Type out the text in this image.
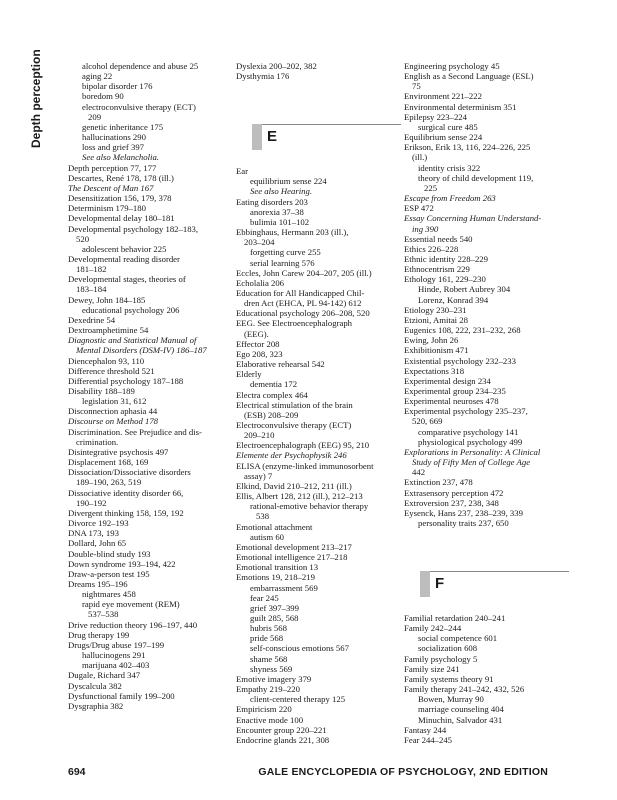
Depth perception	alcohol dependence and abuse 25
aging 22
bipolar disorder 176
boredom 90
electroconvulsive therapy (ECT)
209
genetic inheritance 175
hallucinations 290
loss and grief 397
See also Melancholia.
Depth perception 77, 177
Descartes, René 178, 178 (ill.)
The Descent of Man 167
Desensitization 156, 179, 378
Determinism 179–180
Developmental delay 180–181
Developmental psychology 182–183,
520
adolescent behavior 225
Developmental reading disorder
181–182
Developmental stages, theories of
183–184
Dewey, John 184–185
educational psychology 206
Dexedrine 54
Dextroamphetimine 54
Diagnostic and Statistical Manual of
Mental Disorders (DSM-IV) 186–187
Diencephalon 93, 110
Difference threshold 521
Differential psychology 187–188
Disability 188–189
legislation 31, 612
Disconnection aphasia 44
Discourse on Method 178
Discrimination. See Prejudice and dis-
crimination.
Disintegrative psychosis 497
Displacement 168, 169
Dissociation/Dissociative disorders
189–190, 263, 519
Dissociative identity disorder 66,
190–192
Divergent thinking 158, 159, 192
Divorce 192–193
DNA 173, 193
Dollard, John 65
Double-blind study 193
Down syndrome 193–194, 422
Draw-a-person test 195
Dreams 195–196
nightmares 458
rapid eye movement (REM)
537–538
Drive reduction theory 196–197, 440
Drug therapy 199
Drugs/Drug abuse 197–199
hallucinogens 291
marijuana 402–403
Dugale, Richard 347
Dyscalcula 382
Dysfunctional family 199–200
Dysgraphia 382
Dyslexia 200–202, 382
Dysthymia 176
E
Ear
equilibrium sense 224
See also Hearing.
Eating disorders 203
anorexia 37–38
bulimia 101–102
Ebbinghaus, Hermann 203 (ill.),
203–204
forgetting curve 255
serial learning 576
Eccles, John Carew 204–207, 205 (ill.)
Echolalia 206
Education for All Handicapped Chil-
dren Act (EHCA, PL 94-142) 612
Educational psychology 206–208, 520
EEG. See Electroencephalograph
(EEG).
Effector 208
Ego 208, 323
Elaborative rehearsal 542
Elderly
dementia 172
Electra complex 464
Electrical stimulation of the brain
(ESB) 208–209
Electroconvulsive therapy (ECT)
209–210
Electroencephalograph (EEG) 95, 210
Elemente der Psychophysik 246
ELISA (enzyme-linked immunosorbent
assay) 7
Elkind, David 210–212, 211 (ill.)
Ellis, Albert 128, 212 (ill.), 212–213
rational-emotive behavior therapy
538
Emotional attachment
autism 60
Emotional development 213–217
Emotional intelligence 217–218
Emotional transition 13
Emotions 19, 218–219
embarrassment 569
fear 245
grief 397–399
guilt 285, 568
hubris 568
pride 568
self-conscious emotions 567
shame 568
shyness 569
Emotive imagery 379
Empathy 219–220
client-centered therapy 125
Empiricism 220
Enactive mode 100
Encounter group 220–221
Endocrine glands 221, 308
Engineering psychology 45
English as a Second Language (ESL)
75
Environment 221–222
Environmental determinism 351
Epilepsy 223–224
surgical cure 485
Equilibrium sense 224
Erikson, Erik 13, 116, 224–226, 225
(ill.)
identity crisis 322
theory of child development 119,
225
Escape from Freedom 263
ESP 472
Essay Concerning Human Understand-
ing 390
Essential needs 540
Ethics 226–228
Ethnic identity 228–229
Ethnocentrism 229
Ethology 161, 229–230
Hinde, Robert Aubrey 304
Lorenz, Konrad 394
Etiology 230–231
Etzioni, Amitai 28
Eugenics 108, 222, 231–232, 268
Ewing, John 26
Exhibitionism 471
Existential psychology 232–233
Expectations 318
Experimental design 234
Experimental group 234–235
Experimental neuroses 478
Experimental psychology 235–237,
520, 669
comparative psychology 141
physiological psychology 499
Explorations in Personality: A Clinical
Study of Fifty Men of College Age
442
Extinction 237, 478
Extrasensory perception 472
Extroversion 237, 238, 348
Eysenck, Hans 237, 238–239, 339
personality traits 237, 650
F
Familial retardation 240–241
Family 242–244
social competence 601
socialization 608
Family psychology 5
Family size 241
Family systems theory 91
Family therapy 241–242, 432, 526
Bowen, Murray 90
marriage counseling 404
Minuchin, Salvador 431
Fantasy 244
Fear 244–245
694	GALE ENCYCLOPEDIA OF PSYCHOLOGY, 2ND EDITION
